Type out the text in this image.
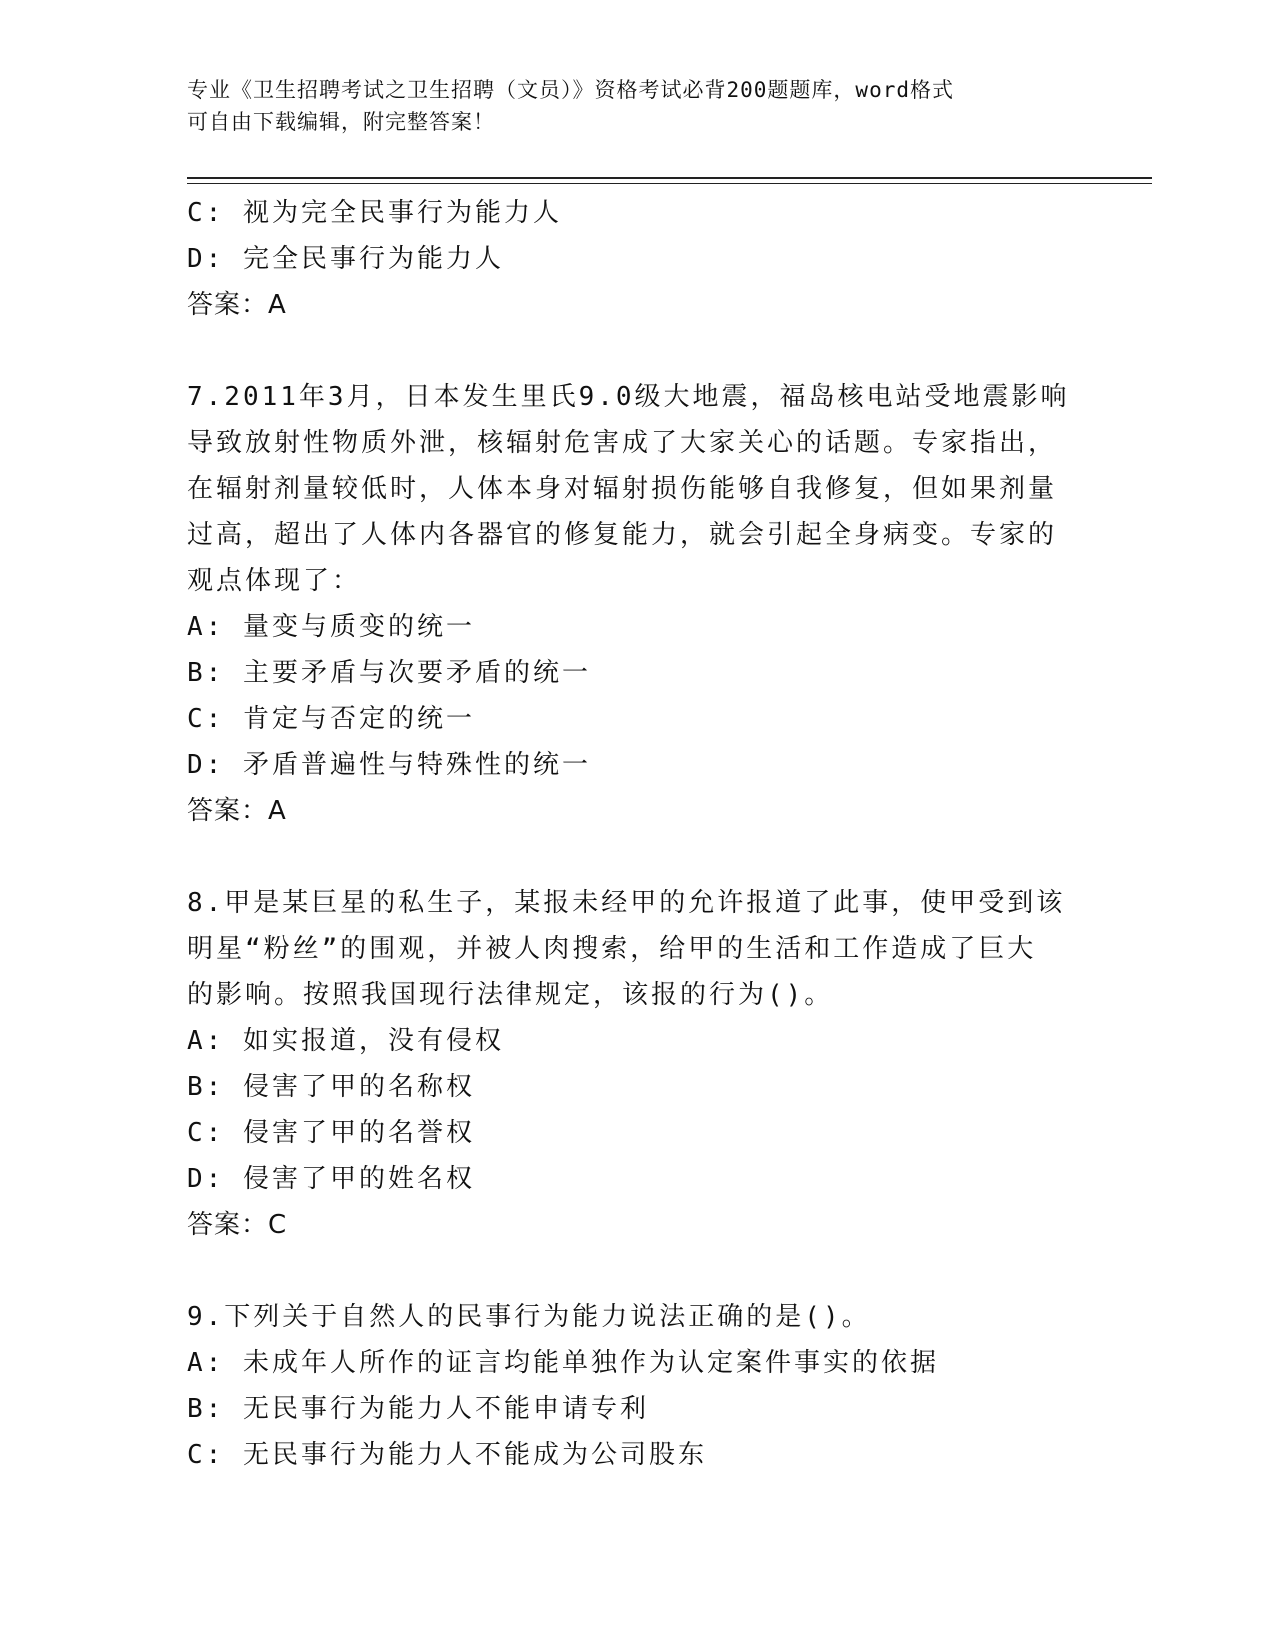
专业《卫生招聘考试之卫生招聘（文员）》资格考试必背200题题库，word格式

可自由下载编辑，附完整答案！

C: 视为完全民事行为能力人

D: 完全民事行为能力人

答案：A

7.2011年3月，日本发生里氏9.0级大地震，福岛核电站受地震影响

导致放射性物质外泄，核辐射危害成了大家关心的话题。专家指出，

在辐射剂量较低时，人体本身对辐射损伤能够自我修复，但如果剂量

过高，超出了人体内各器官的修复能力，就会引起全身病变。专家的

观点体现了：

A: 量变与质变的统一

B: 主要矛盾与次要矛盾的统一

C: 肯定与否定的统一

D: 矛盾普遍性与特殊性的统一

答案：A

8.甲是某巨星的私生子，某报未经甲的允许报道了此事，使甲受到该

明星“粉丝”的围观，并被人肉搜索，给甲的生活和工作造成了巨大

的影响。按照我国现行法律规定，该报的行为()。

A: 如实报道，没有侵权

B: 侵害了甲的名称权

C: 侵害了甲的名誉权

D: 侵害了甲的姓名权

答案：C

9.下列关于自然人的民事行为能力说法正确的是()。

A: 未成年人所作的证言均能单独作为认定案件事实的依据

B: 无民事行为能力人不能申请专利

C: 无民事行为能力人不能成为公司股东
